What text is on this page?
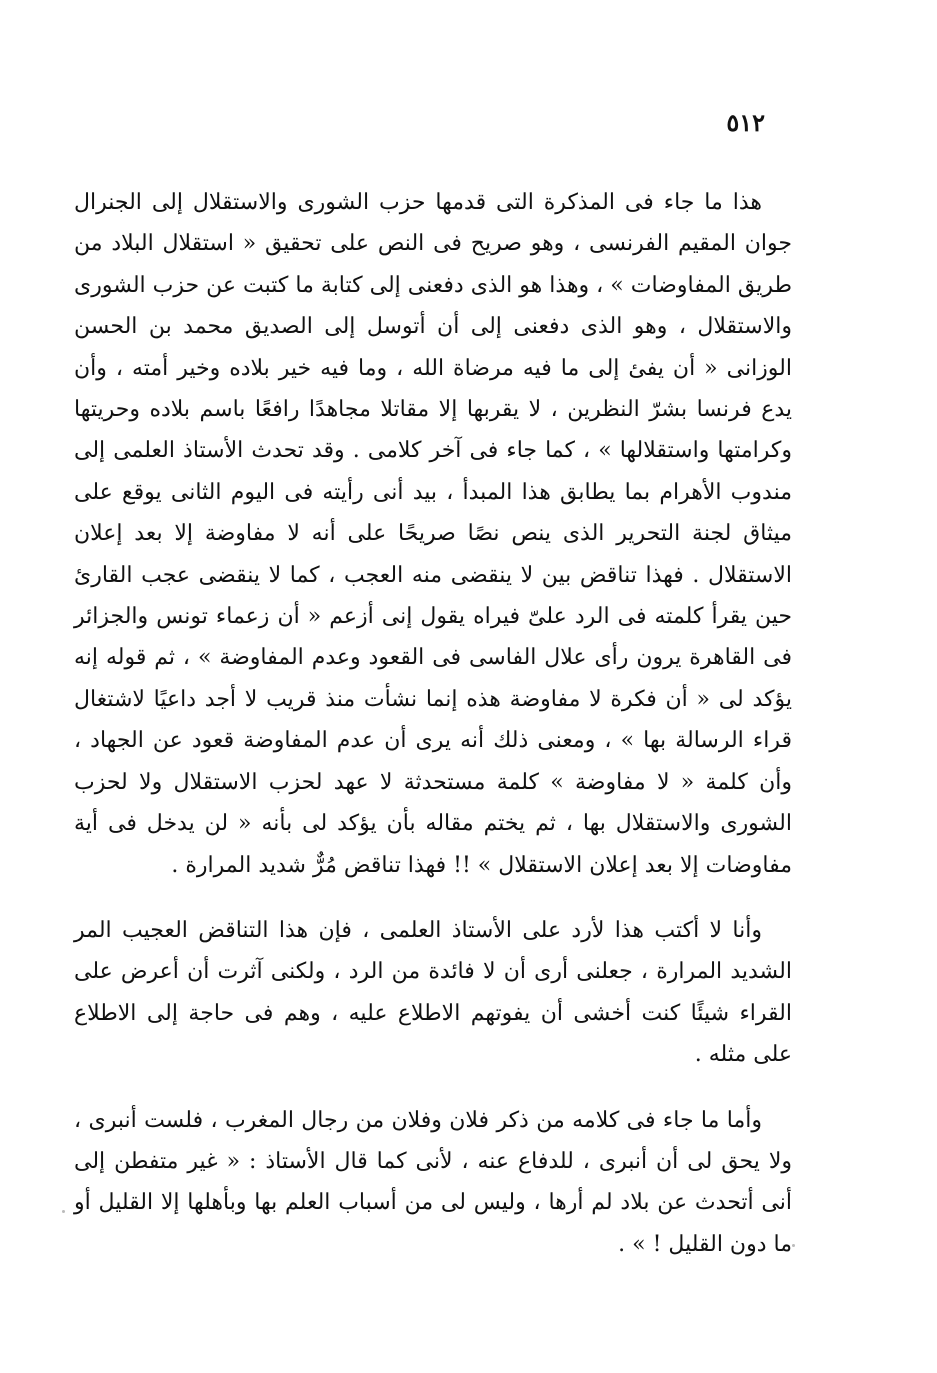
٥١٢

هذا ما جاء فى المذكرة التى قدمها حزب الشورى والاستقلال إلى الجنرال جوان المقيم الفرنسى ، وهو صريح فى النص على تحقيق « استقلال البلاد من طريق المفاوضات » ، وهذا هو الذى دفعنى إلى كتابة ما كتبت عن حزب الشورى والاستقلال ، وهو الذى دفعنى إلى أن أتوسل إلى الصديق محمد بن الحسن الوزانى « أن يفئ إلى ما فيه مرضاة الله ، وما فيه خير بلاده وخير أمته ، وأن يدع فرنسا بشرّ النظرين ، لا يقربها إلا مقاتلا مجاهدًا رافعًا باسم بلاده وحريتها وكرامتها واستقلالها » ، كما جاء فى آخر كلامى . وقد تحدث الأستاذ العلمى إلى مندوب الأهرام بما يطابق هذا المبدأ ، بيد أنى رأيته فى اليوم الثانى يوقع على ميثاق لجنة التحرير الذى ينص نصًا صريحًا على أنه لا مفاوضة إلا بعد إعلان الاستقلال . فهذا تناقض بين لا ينقضى منه العجب ، كما لا ينقضى عجب القارئ حين يقرأ كلمته فى الرد علىّ فيراه يقول إنى أزعم « أن زعماء تونس والجزائر فى القاهرة يرون رأى علال الفاسى فى القعود وعدم المفاوضة » ، ثم قوله إنه يؤكد لى « أن فكرة لا مفاوضة هذه إنما نشأت منذ قريب لا أجد داعيًا لاشتغال قراء الرسالة بها » ، ومعنى ذلك أنه يرى أن عدم المفاوضة قعود عن الجهاد ، وأن كلمة « لا مفاوضة » كلمة مستحدثة لا عهد لحزب الاستقلال ولا لحزب الشورى والاستقلال بها ، ثم يختم مقاله بأن يؤكد لى بأنه « لن يدخل فى أية مفاوضات إلا بعد إعلان الاستقلال » !! فهذا تناقض مُرٌّ شديد المرارة .

وأنا لا أكتب هذا لأرد على الأستاذ العلمى ، فإن هذا التناقض العجيب المر الشديد المرارة ، جعلنى أرى أن لا فائدة من الرد ، ولكنى آثرت أن أعرض على القراء شيئًا كنت أخشى أن يفوتهم الاطلاع عليه ، وهم فى حاجة إلى الاطلاع على مثله .

وأما ما جاء فى كلامه من ذكر فلان وفلان من رجال المغرب ، فلست أنبرى ، ولا يحق لى أن أنبرى ، للدفاع عنه ، لأنى كما قال الأستاذ : « غير متفطن إلى أنى أتحدث عن بلاد لم أرها ، وليس لى من أسباب العلم بها وبأهلها إلا القليل أو ما دون القليل ! » .
